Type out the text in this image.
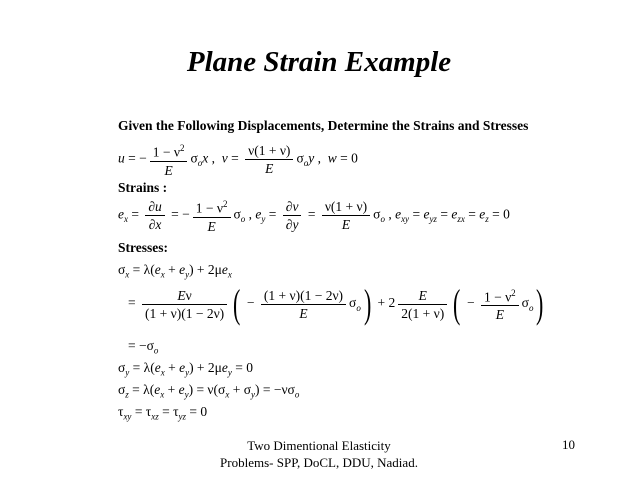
Plane Strain Example
Given the Following Displacements, Determine the Strains and Stresses
u = − $\frac{1 - \nu^2}{E} \sigma_ox$ ,  $v = \frac{\nu(1 + \nu)}{E} \sigma_oy$ ,  w = 0
Strains :
$e_x = \frac{\partial u}{\partial x}$ = − $\frac{1 - \nu^2}{E} \sigma_o$ , $e_y = \frac{\partial v}{\partial y} = \frac{\nu(1 + \nu)}{E} \sigma_o$ , $e_{xy} = e_{yz} = e_{zx} = e_z = 0$
Stresses:
$\sigma_x = \lambda(e_x + e_y) + 2\mu e_x$
= $\frac{E\nu}{(1 + \nu)(1 - 2\nu)}$ ( − $\frac{(1 + \nu)(1 - 2\nu)}{E} \sigma_o) + 2 \frac{E}{2(1 + \nu)}$ ( − $\frac{1 - \nu^2}{E} \sigma_o$)
= $-\sigma_o$
$\sigma_y = \lambda(e_x + e_y) + 2\mu e_y = 0$
$\sigma_z = \lambda(e_x + e_y) = \nu(\sigma_x + \sigma_y) = -\nu\sigma_o$
$\tau_{xy} = \tau_{xz} = \tau_{yz} = 0$
Two Dimentional Elasticity
Problems- SPP, DoCL, DDU, Nadiad.
10
